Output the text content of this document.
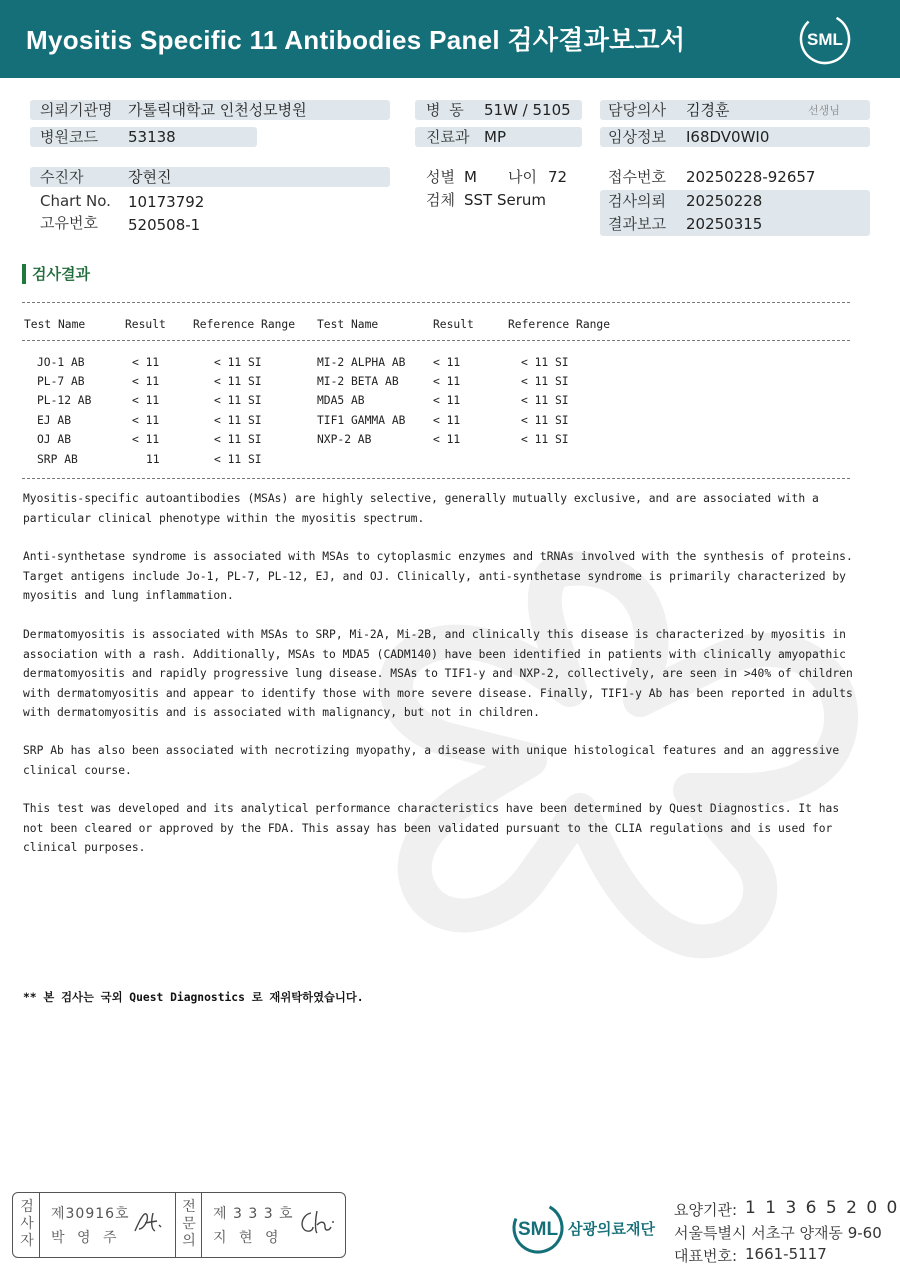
Myositis Specific 11 Antibodies Panel 검사결과보고서	SML
의뢰기관명 가톨릭대학교 인천성모병원
병원코드 53138
수진자	장현진
Chart No. 10173792
고유번호 520508-1
병 동 51W / 5105
진료과 MP
성별 M 나이 72
검체 SST Serum
담당의사 김경훈	선생님
임상정보 I68DV0WI0
접수번호 20250228-92657
검사의뢰 20250228
결과보고 20250315
검사결과
Test Name	Result Reference Range Test Name	Result	Reference Range
JO-1 AB	< 11	< 11 SI
PL-7 AB	< 11	< 11 SI
PL-12 AB	< 11	< 11 SI
EJ AB	< 11	< 11 SI
OJ AB	< 11	< 11 SI
SRP AB	11	< 11 SI
MI-2 ALPHA AB < 11	< 11 SI
MI-2 BETA AB	< 11	< 11 SI
MDA5 AB	< 11	< 11 SI
TIF1 GAMMA AB < 11	< 11 SI
NXP-2 AB	< 11	< 11 SI
Myositis-specific autoantibodies (MSAs) are highly selective, generally mutually exclusive, and are associated with a
particular clinical phenotype within the myositis spectrum.
Anti-synthetase syndrome is associated with MSAs to cytoplasmic enzymes and tRNAs involved with the synthesis of proteins.
Target antigens include Jo-1, PL-7, PL-12, EJ, and OJ. Clinically, anti-synthetase syndrome is primarily characterized by
myositis and lung inflammation.
Dermatomyositis is associated with MSAs to SRP, Mi-2A, Mi-2B, and clinically this disease is characterized by myositis in
association with a rash. Additionally, MSAs to MDA5 (CADM140) have been identified in patients with clinically amyopathic
dermatomyositis and rapidly progressive lung disease. MSAs to TIF1-y and NXP-2, collectively, are seen in >40% of children
with dermatomyositis and appear to identify those with more severe disease. Finally, TIF1-y Ab has been reported in adults
with dermatomyositis and is associated with malignancy, but not in children.
SRP Ab has also been associated with necrotizing myopathy, a disease with unique histological features and an aggressive
clinical course.
This test was developed and its analytical performance characteristics have been determined by Quest Diagnostics. It has
not been cleared or approved by the FDA. This assay has been validated pursuant to the CLIA regulations and is used for
clinical purposes.
** 본 검사는 국외 Quest Diagnostics 로 재위탁하였습니다.
검
사
자
제30916호
박 영 주
전
문
의
제 3 3 3 호
지 현 영	SML 삼광의료재단
요양기관: 1 1 3 6 5 2 0 0
서울특별시 서초구 양재동 9-60
대표번호: 1661-5117
